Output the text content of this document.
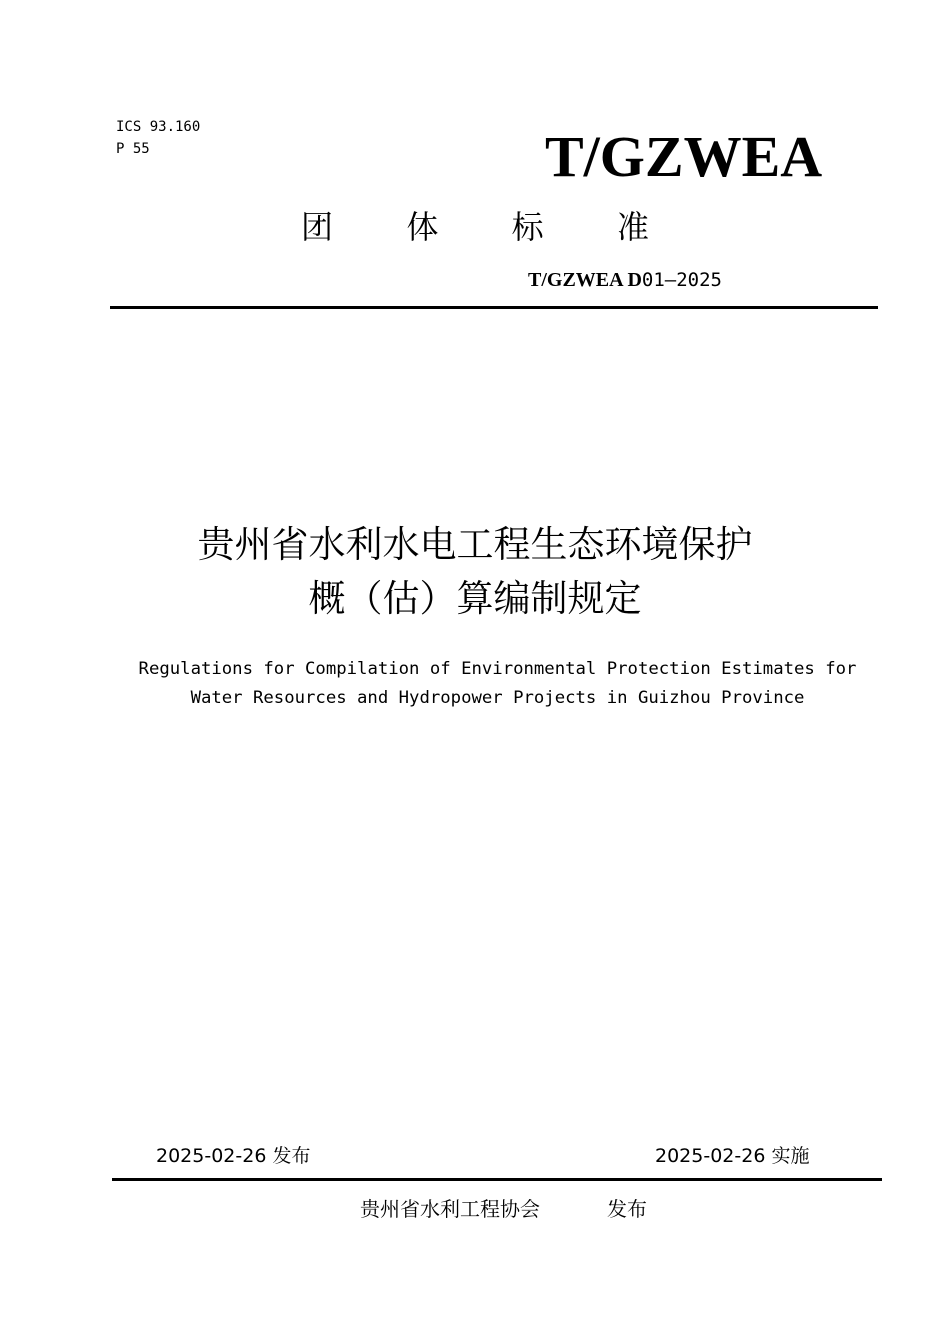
ICS 93.160
P 55	T/GZWEA
团 体 标 准
T/GZWEA D01—2025
贵州省水利水电工程生态环境保护
概（估）算编制规定
Regulations for Compilation of Environmental Protection Estimates for
Water Resources and Hydropower Projects in Guizhou Province
2025-02-26 发布	2025-02-26 实施
贵州省水利工程协会	发布
